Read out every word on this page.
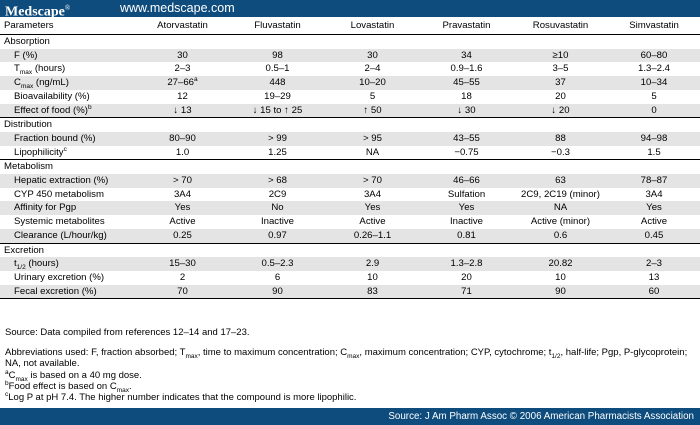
Medscape®	www.medscape.com
Parameters	Atorvastatin	Fluvastatin	Lovastatin	Pravastatin	Rosuvastatin	Simvastatin
Absorption						
F (%)	30	98	30	34	≥10	60–80
$T_{max}$ (hours)	2–3	0.5–1	2–4	0.9–1.6	3–5	1.3–2.4
$C_{max}$ (ng/mL)	27–66$^a$	448	10–20	45–55	37	10–34
Bioavailability (%)	12	19–29	5	18	20	5
Effect of food (%)$^b$	↓ 13	↓ 15 to ↑ 25	↑ 50	↓ 30	↓ 20	0
Distribution						
Fraction bound (%)	80–90	> 99	> 95	43–55	88	94–98
Lipophilicity$^c$	1.0	1.25	NA	−0.75	−0.3	1.5
Metabolism						
Hepatic extraction (%)	> 70	> 68	> 70	46–66	63	78–87
CYP 450 metabolism	3A4	2C9	3A4	Sulfation	2C9, 2C19 (minor)	3A4
Affinity for Pgp	Yes	No	Yes	Yes	NA	Yes
Systemic metabolites	Active	Inactive	Active	Inactive	Active (minor)	Active
Clearance (L/hour/kg)	0.25	0.97	0.26–1.1	0.81	0.6	0.45
Excretion						
$t_{1/2}$ (hours)	15–30	0.5–2.3	2.9	1.3–2.8	20.82	2–3
Urinary excretion (%)	2	6	10	20	10	13
Fecal excretion (%)	70	90	83	71	90	60

Source: Data compiled from references 12–14 and 17–23.

Abbreviations used: F, fraction absorbed; $T_{max}$, time to maximum concentration; $C_{max}$, maximum concentration; CYP, cytochrome; $t_{1/2}$, half-life; Pgp, P-glycoprotein; NA, not available.

$^aC_{max}$ is based on a 40 mg dose.

$^b$Food effect is based on $C_{max}$.

$^c$Log P at pH 7.4. The higher number indicates that the compound is more lipophilic.

Source: J Am Pharm Assoc © 2006 American Pharmacists Association
